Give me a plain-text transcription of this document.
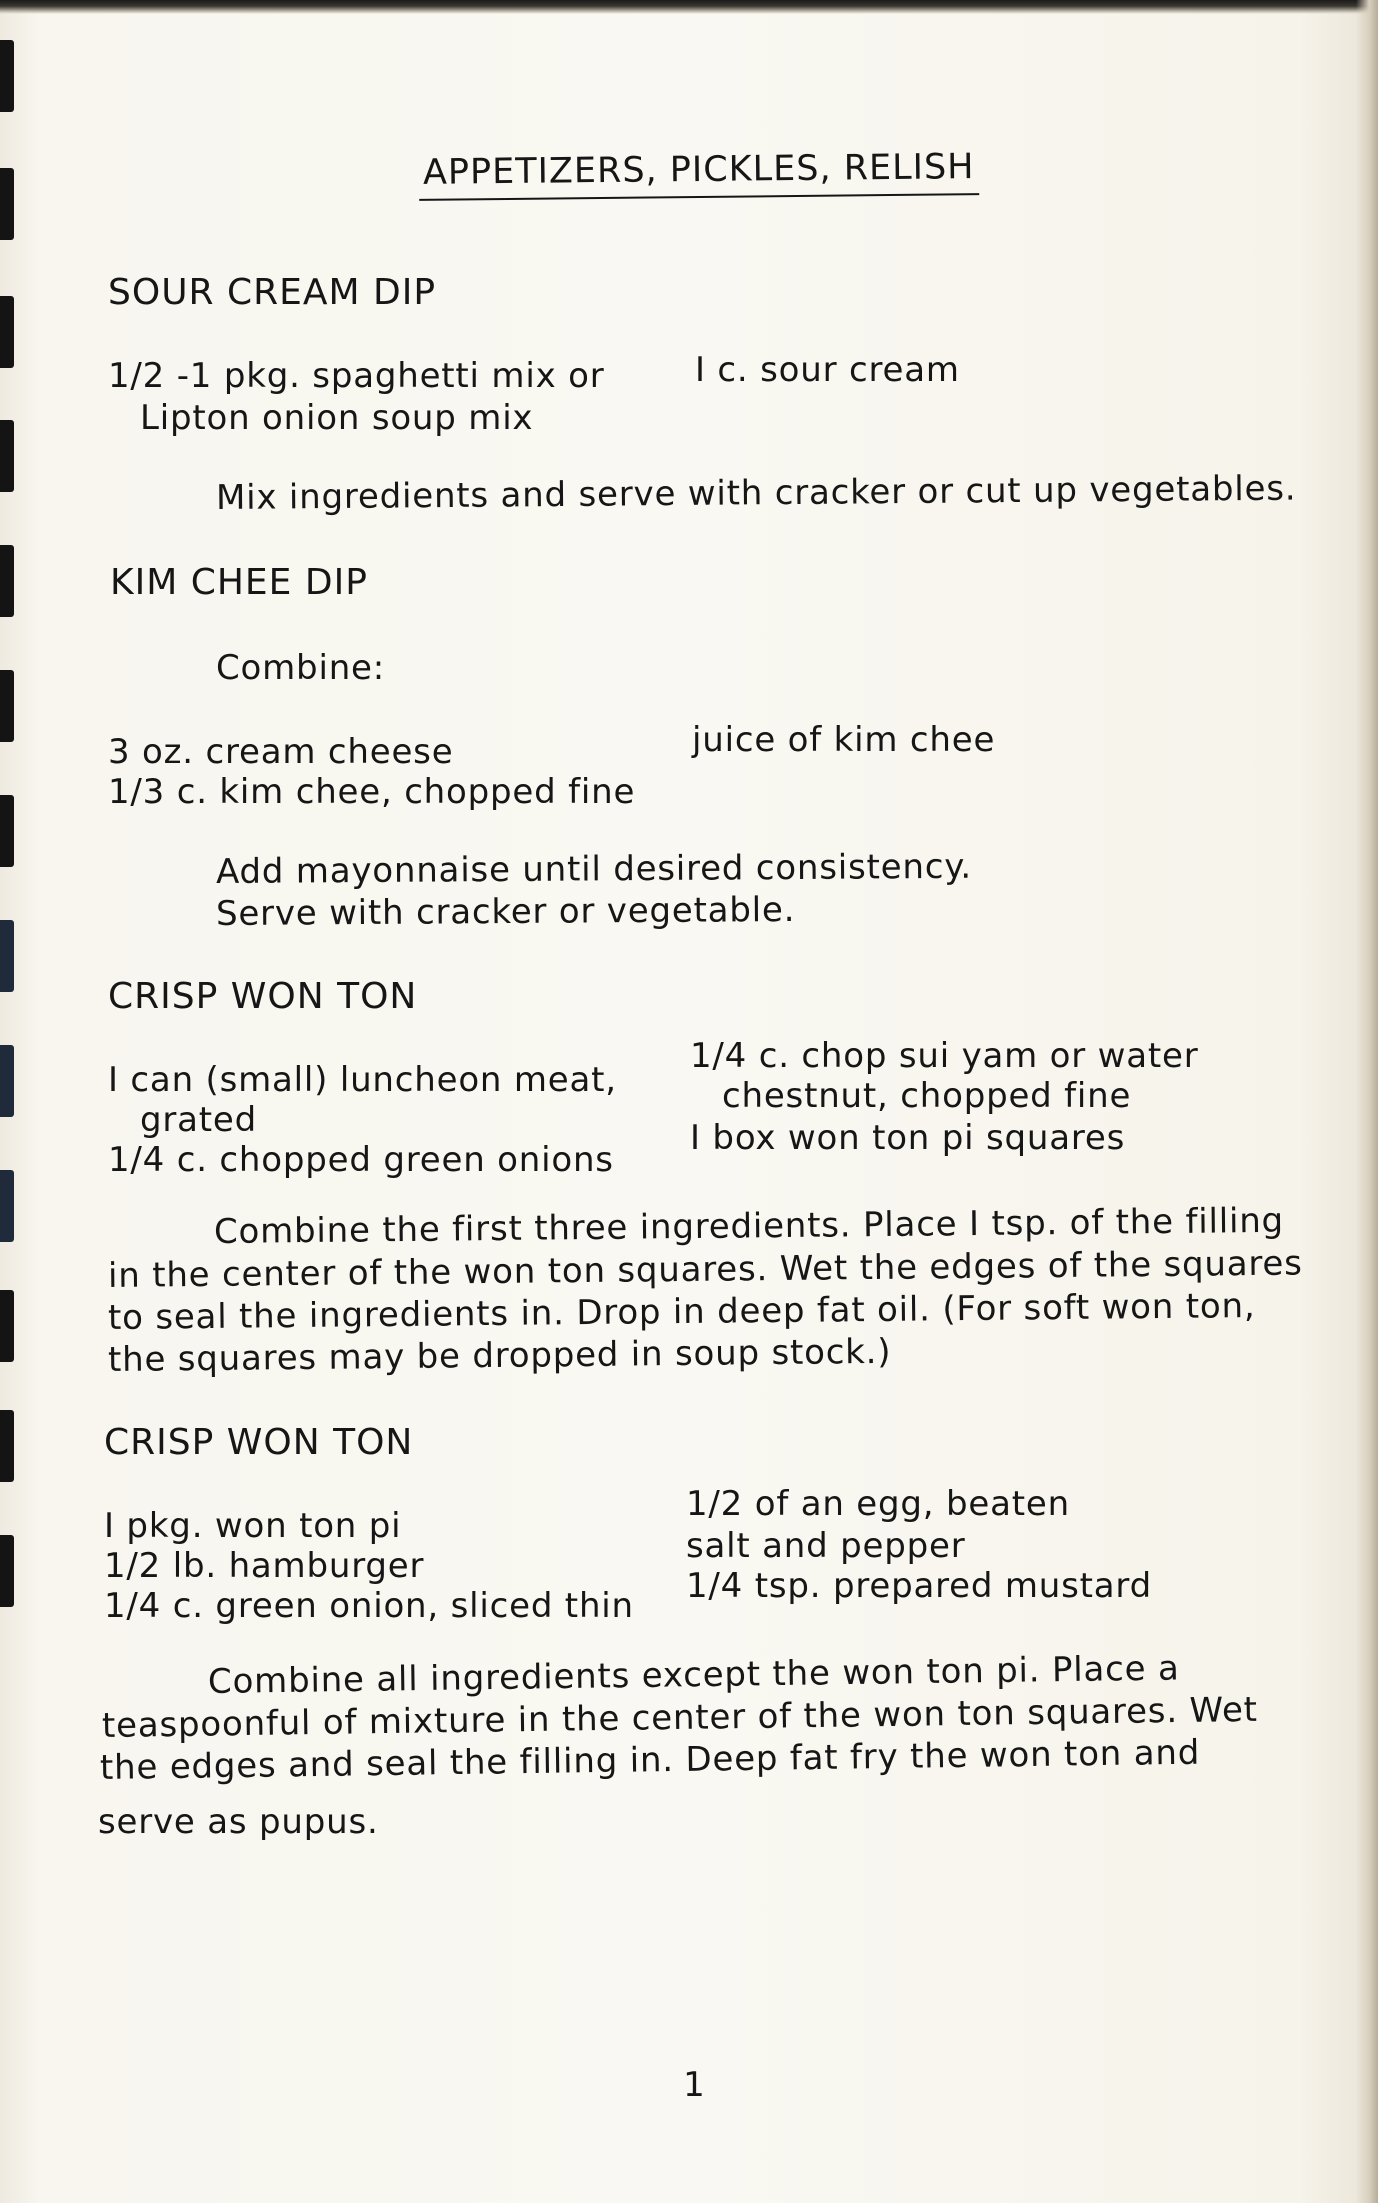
APPETIZERS, PICKLES, RELISH
SOUR CREAM DIP
1/2 -1 pkg. spaghetti mix or
Lipton onion soup mix
I c. sour cream
Mix ingredients and serve with cracker or cut up vegetables.
KIM CHEE DIP
Combine:
3 oz. cream cheese
1/3 c. kim chee, chopped fine
juice of kim chee
Add mayonnaise until desired consistency.
Serve with cracker or vegetable.
CRISP WON TON
I can (small) luncheon meat,
grated
1/4 c. chopped green onions
1/4 c. chop sui yam or water
chestnut, chopped fine
I box won ton pi squares
Combine the first three ingredients. Place I tsp. of the filling
in the center of the won ton squares. Wet the edges of the squares
to seal the ingredients in. Drop in deep fat oil. (For soft won ton,
the squares may be dropped in soup stock.)
CRISP WON TON
I pkg. won ton pi
1/2 lb. hamburger
1/4 c. green onion, sliced thin
1/2 of an egg, beaten
salt and pepper
1/4 tsp. prepared mustard
Combine all ingredients except the won ton pi. Place a
teaspoonful of mixture in the center of the won ton squares. Wet
the edges and seal the filling in. Deep fat fry the won ton and
serve as pupus.
1
